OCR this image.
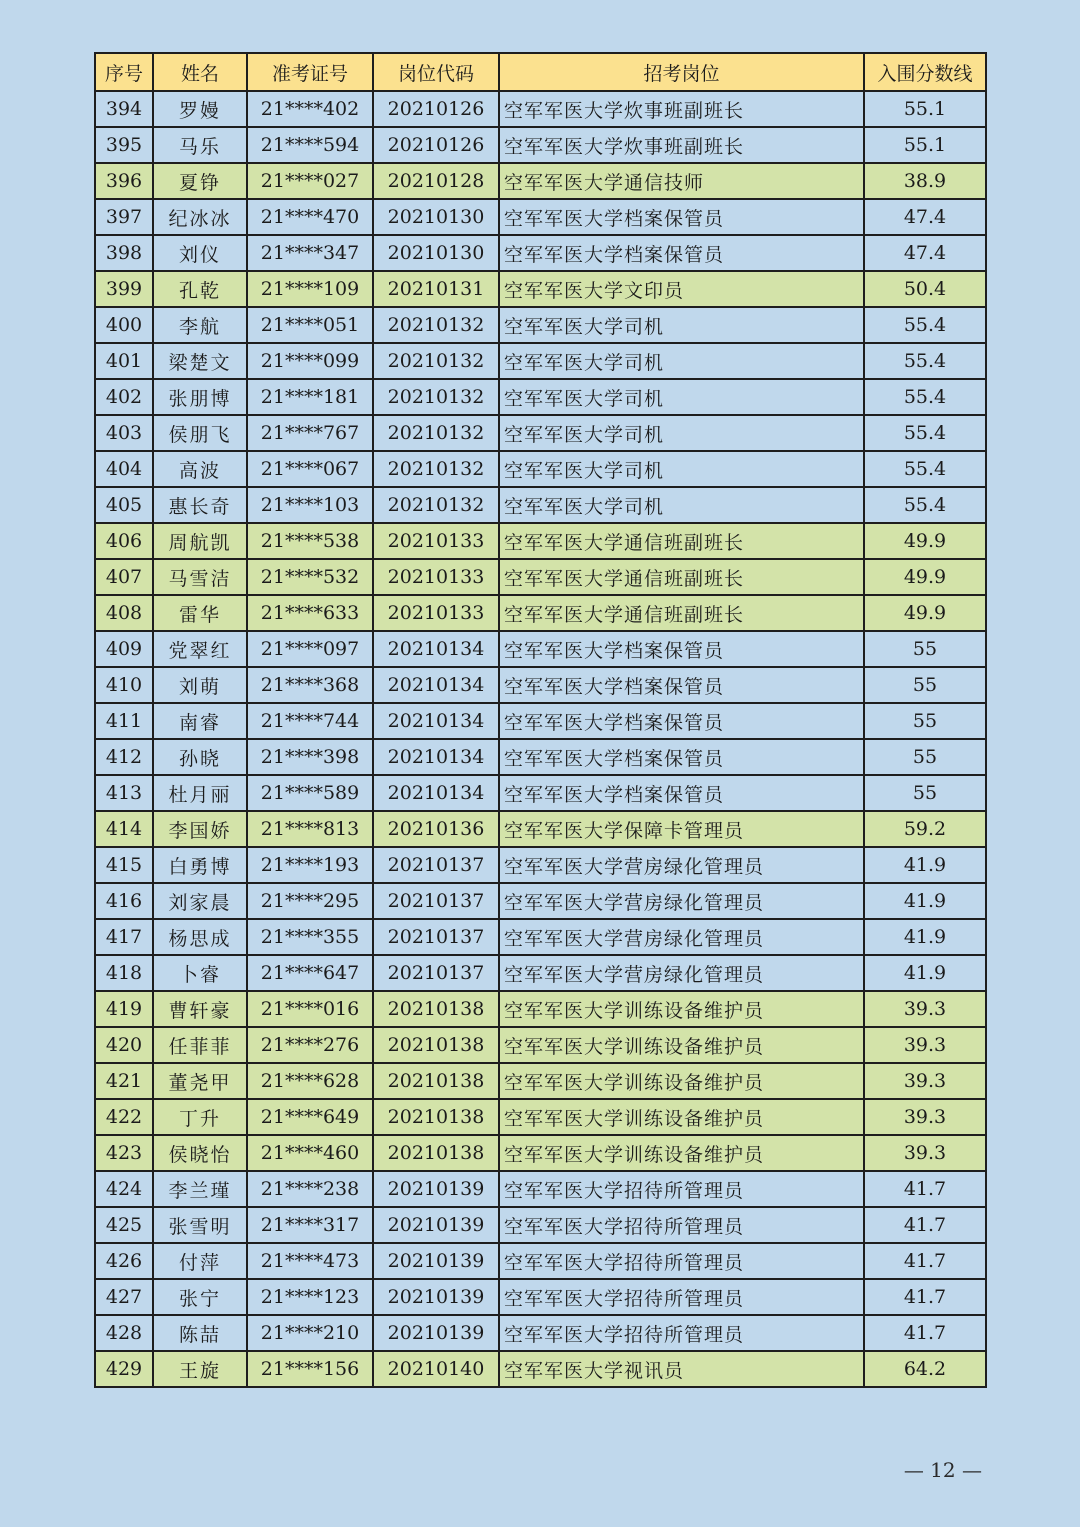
序号	姓名	准考证号	岗位代码	招考岗位	入围分数线
394	罗嫚	21****402	20210126	空军军医大学炊事班副班长	55.1
395	马乐	21****594	20210126	空军军医大学炊事班副班长	55.1
396	夏铮	21****027	20210128	空军军医大学通信技师	38.9
397	纪冰冰	21****470	20210130	空军军医大学档案保管员	47.4
398	刘仪	21****347	20210130	空军军医大学档案保管员	47.4
399	孔乾	21****109	20210131	空军军医大学文印员	50.4
400	李航	21****051	20210132	空军军医大学司机	55.4
401	梁楚文	21****099	20210132	空军军医大学司机	55.4
402	张朋博	21****181	20210132	空军军医大学司机	55.4
403	侯朋飞	21****767	20210132	空军军医大学司机	55.4
404	高波	21****067	20210132	空军军医大学司机	55.4
405	惠长奇	21****103	20210132	空军军医大学司机	55.4
406	周航凯	21****538	20210133	空军军医大学通信班副班长	49.9
407	马雪洁	21****532	20210133	空军军医大学通信班副班长	49.9
408	雷华	21****633	20210133	空军军医大学通信班副班长	49.9
409	党翠红	21****097	20210134	空军军医大学档案保管员	55
410	刘萌	21****368	20210134	空军军医大学档案保管员	55
411	南睿	21****744	20210134	空军军医大学档案保管员	55
412	孙晓	21****398	20210134	空军军医大学档案保管员	55
413	杜月丽	21****589	20210134	空军军医大学档案保管员	55
414	李国娇	21****813	20210136	空军军医大学保障卡管理员	59.2
415	白勇博	21****193	20210137	空军军医大学营房绿化管理员	41.9
416	刘家晨	21****295	20210137	空军军医大学营房绿化管理员	41.9
417	杨思成	21****355	20210137	空军军医大学营房绿化管理员	41.9
418	卜睿	21****647	20210137	空军军医大学营房绿化管理员	41.9
419	曹轩豪	21****016	20210138	空军军医大学训练设备维护员	39.3
420	任菲菲	21****276	20210138	空军军医大学训练设备维护员	39.3
421	董尧甲	21****628	20210138	空军军医大学训练设备维护员	39.3
422	丁升	21****649	20210138	空军军医大学训练设备维护员	39.3
423	侯晓怡	21****460	20210138	空军军医大学训练设备维护员	39.3
424	李兰瑾	21****238	20210139	空军军医大学招待所管理员	41.7
425	张雪明	21****317	20210139	空军军医大学招待所管理员	41.7
426	付萍	21****473	20210139	空军军医大学招待所管理员	41.7
427	张宁	21****123	20210139	空军军医大学招待所管理员	41.7
428	陈喆	21****210	20210139	空军军医大学招待所管理员	41.7
429	王旋	21****156	20210140	空军军医大学视讯员	64.2
— 12 —
